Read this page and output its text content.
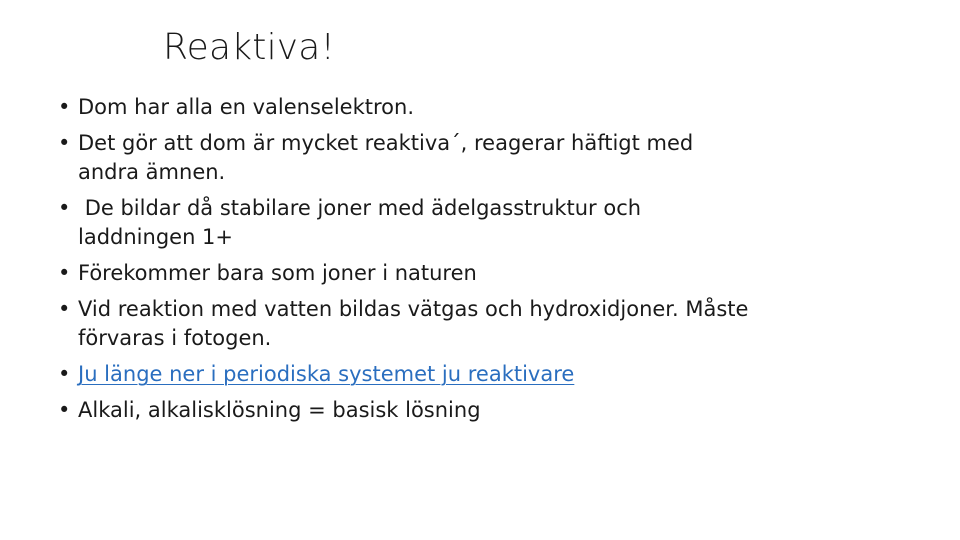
Reaktiva!
• Dom har alla en valenselektron.
• Det gör att dom är mycket reaktiva´, reagerar häftigt med andra ämnen.
• De bildar då stabilare joner med ädelgasstruktur och laddningen 1+
• Förekommer bara som joner i naturen
• Vid reaktion med vatten bildas vätgas och hydroxidjoner. Måste förvaras i fotogen.
• Ju länge ner i periodiska systemet ju reaktivare
• Alkali, alkalisklösning = basisk lösning
